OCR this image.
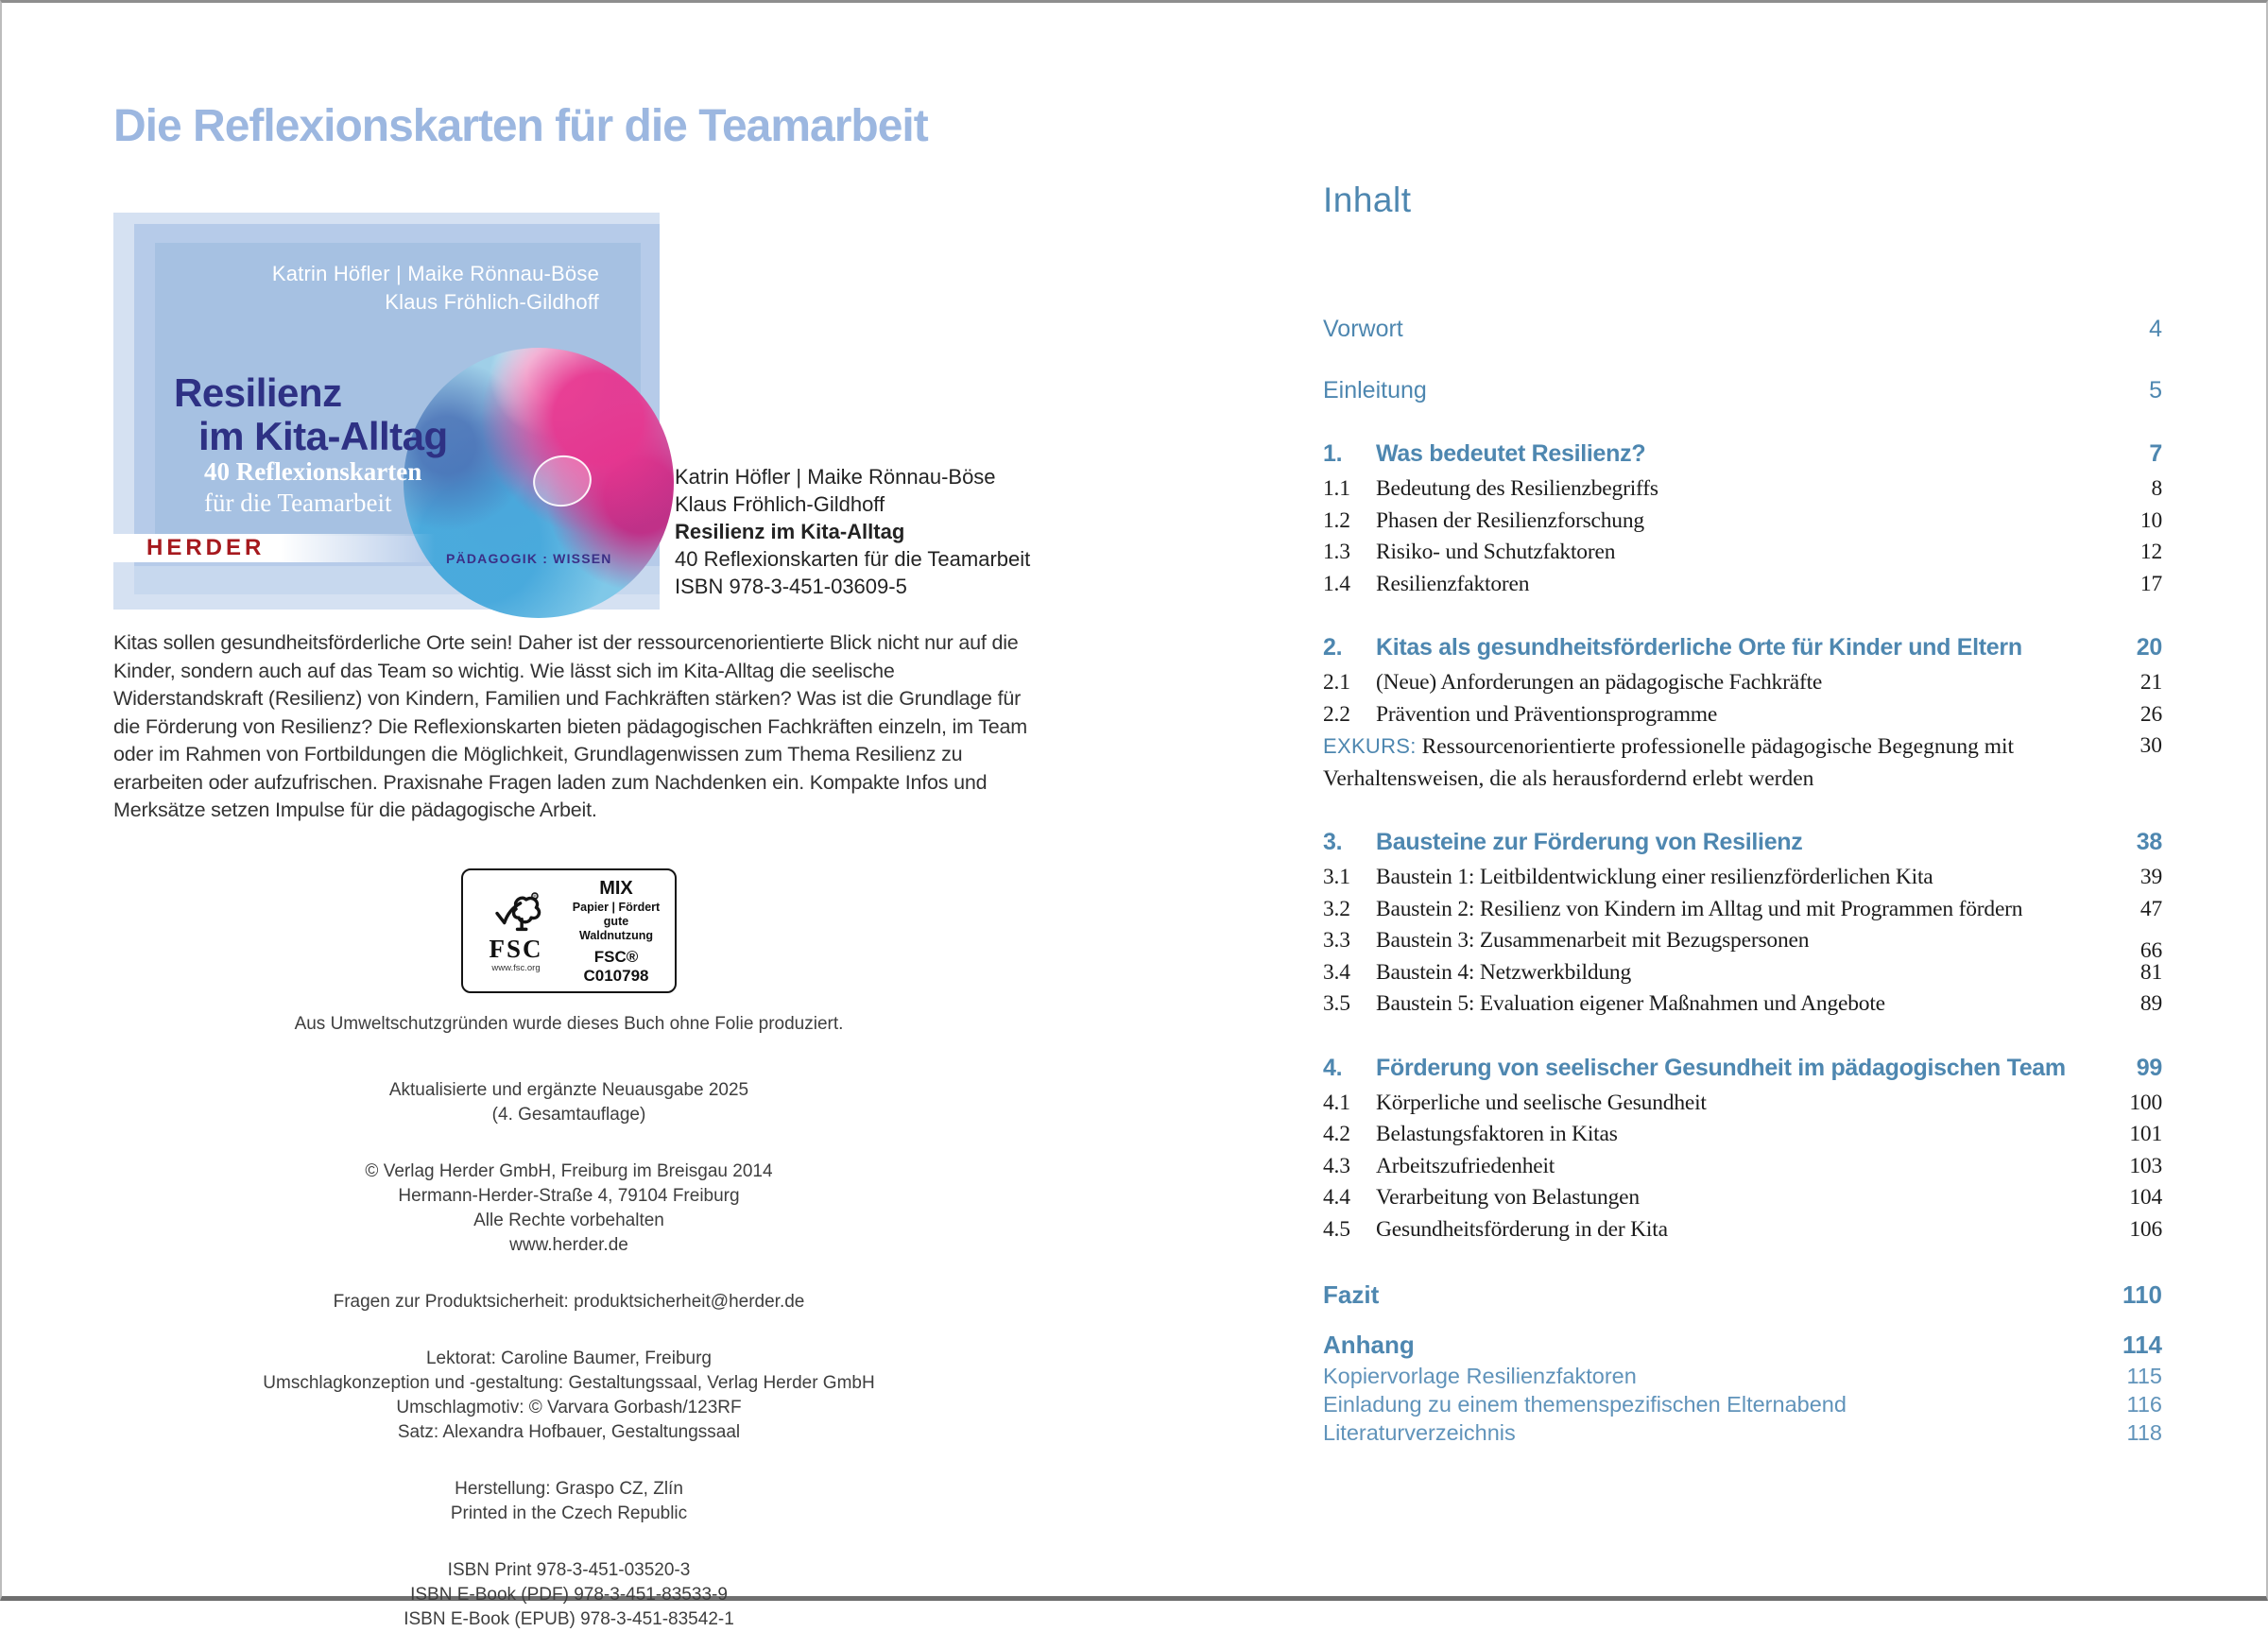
Die Reflexionskarten für die Teamarbeit
Katrin Höfler | Maike Rönnau-Böse
Klaus Fröhlich-Gildhoff
Resilienz
im Kita-Alltag
40 Reflexionskarten
für die Teamarbeit
HERDER	PÄDAGOGIK : WISSEN
Katrin Höfler | Maike Rönnau-Böse
Klaus Fröhlich-Gildhoff
Resilienz im Kita-Alltag
40 Reflexionskarten für die Teamarbeit
ISBN 978-3-451-03609-5
Kitas sollen gesundheitsförderliche Orte sein! Daher ist der ressourcenorientierte Blick nicht nur auf die Kinder, sondern auch auf das Team so wichtig. Wie lässt sich im Kita-Alltag die seelische Widerstandskraft (Resilienz) von Kindern, Familien und Fachkräften stärken? Was ist die Grundlage für die Förderung von Resilienz? Die Reflexionskarten bieten pädagogischen Fachkräften einzeln, im Team oder im Rahmen von Fortbildungen die Möglichkeit, Grundlagenwissen zum Thema Resilienz zu erarbeiten oder aufzufrischen. Praxisnahe Fragen laden zum Nachdenken ein. Kompakte Infos und Merksätze setzen Impulse für die pädagogische Arbeit.
®
FSC
www.fsc.org
MIX
Papier | Fördert
gute Waldnutzung
FSC® C010798
Aus Umweltschutzgründen wurde dieses Buch ohne Folie produziert.
Aktualisierte und ergänzte Neuausgabe 2025
(4. Gesamtauflage)
© Verlag Herder GmbH, Freiburg im Breisgau 2014
Hermann-Herder-Straße 4, 79104 Freiburg
Alle Rechte vorbehalten
www.herder.de
Fragen zur Produktsicherheit: produktsicherheit@herder.de
Lektorat: Caroline Baumer, Freiburg
Umschlagkonzeption und -gestaltung: Gestaltungssaal, Verlag Herder GmbH
Umschlagmotiv: © Varvara Gorbash/123RF
Satz: Alexandra Hofbauer, Gestaltungssaal
Herstellung: Graspo CZ, Zlín
Printed in the Czech Republic
ISBN Print 978-3-451-03520-3
ISBN E-Book (PDF) 978-3-451-83533-9
ISBN E-Book (EPUB) 978-3-451-83542-1
Inhalt
Vorwort	4
Einleitung	5
1.	Was bedeutet Resilienz?	7
1.1	Bedeutung des Resilienzbegriffs	8
1.2	Phasen der Resilienzforschung	10
1.3	Risiko- und Schutzfaktoren	12
1.4	Resilienzfaktoren	17
2.	Kitas als gesundheitsförderliche Orte für Kinder und Eltern	20
2.1	(Neue) Anforderungen an pädagogische Fachkräfte	21
2.2	Prävention und Präventionsprogramme	26
EXKURS: Ressourcenorientierte professionelle pädagogische Begegnung mit	30
Verhaltensweisen, die als herausfordernd erlebt werden
3.	Bausteine zur Förderung von Resilienz	38
3.1	Baustein 1: Leitbildentwicklung einer resilienzförderlichen Kita	39
3.2	Baustein 2: Resilienz von Kindern im Alltag und mit Programmen fördern	47
3.3	Baustein 3: Zusammenarbeit mit Bezugspersonen	66
3.4	Baustein 4: Netzwerkbildung	81
3.5	Baustein 5: Evaluation eigener Maßnahmen und Angebote	89
4.	Förderung von seelischer Gesundheit im pädagogischen Team	99
4.1	Körperliche und seelische Gesundheit	100
4.2	Belastungsfaktoren in Kitas	101
4.3	Arbeitszufriedenheit	103
4.4	Verarbeitung von Belastungen	104
4.5	Gesundheitsförderung in der Kita	106
Fazit	110
Anhang	114
Kopiervorlage Resilienzfaktoren	115
Einladung zu einem themenspezifischen Elternabend	116
Literaturverzeichnis	118
